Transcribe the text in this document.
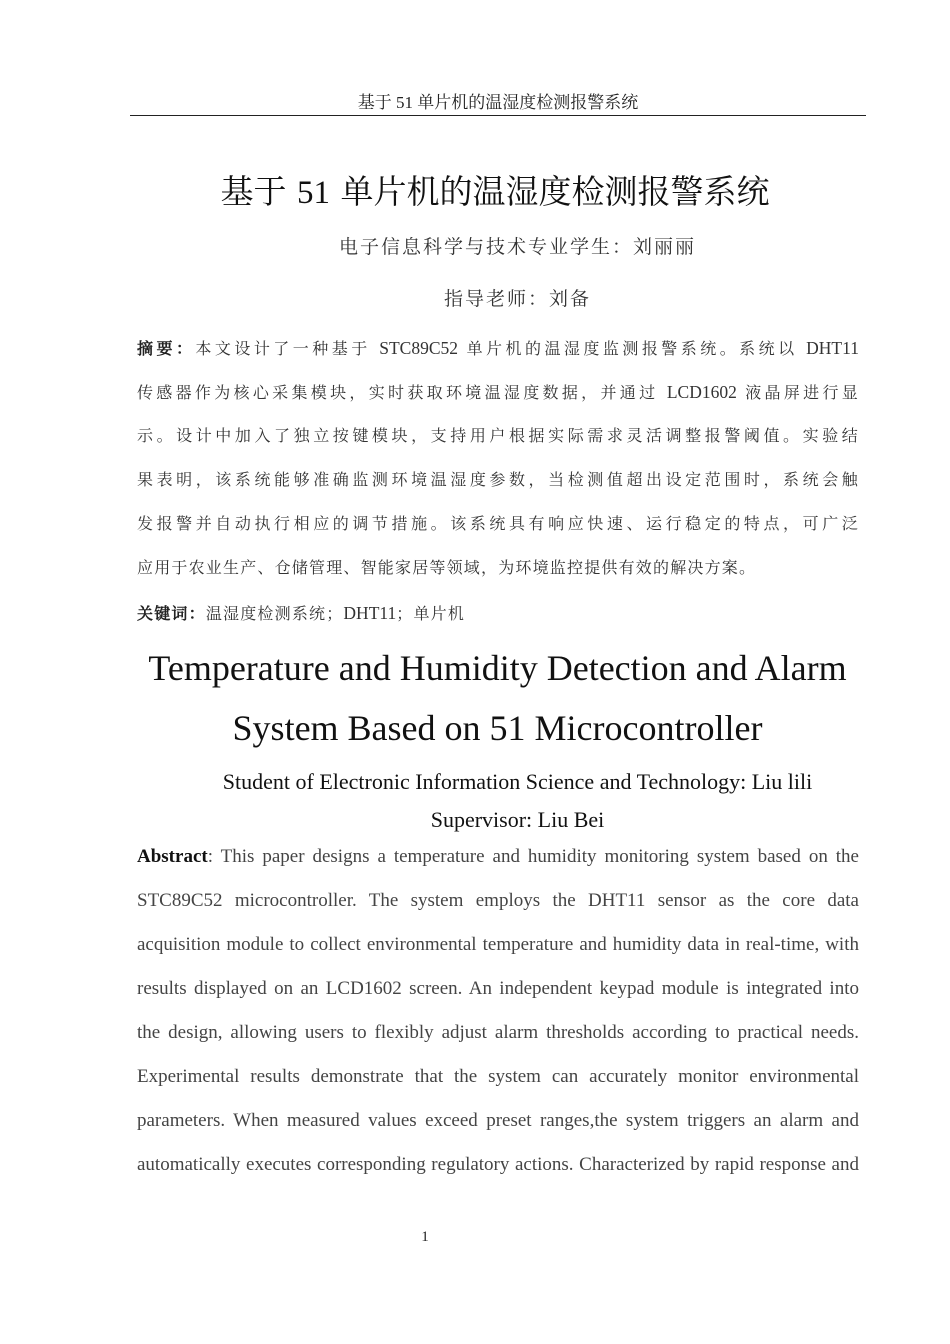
基于 51 单片机的温湿度检测报警系统
基于 51 单片机的温湿度检测报警系统
电子信息科学与技术专业学生：刘丽丽
指导老师：刘备
摘要：本文设计了一种基于 STC89C52 单片机的温湿度监测报警系统。系统以 DHT11
传感器作为核心采集模块，实时获取环境温湿度数据，并通过 LCD1602 液晶屏进行显
示。设计中加入了独立按键模块，支持用户根据实际需求灵活调整报警阈值。实验结
果表明，该系统能够准确监测环境温湿度参数，当检测值超出设定范围时，系统会触
发报警并自动执行相应的调节措施。该系统具有响应快速、运行稳定的特点，可广泛
应用于农业生产、仓储管理、智能家居等领域，为环境监控提供有效的解决方案。
关键词：温湿度检测系统；DHT11；单片机
Temperature and Humidity Detection and Alarm
System Based on 51 Microcontroller
Student of Electronic Information Science and Technology: Liu lili
Supervisor: Liu Bei
Abstract: This paper designs a temperature and humidity monitoring system based on the
STC89C52 microcontroller. The system employs the DHT11 sensor as the core data
acquisition module to collect environmental temperature and humidity data in real-time, with
results displayed on an LCD1602 screen. An independent keypad module is integrated into
the design, allowing users to flexibly adjust alarm thresholds according to practical needs.
Experimental results demonstrate that the system can accurately monitor environmental
parameters. When measured values exceed preset ranges,the system triggers an alarm and
automatically executes corresponding regulatory actions. Characterized by rapid response and
1
